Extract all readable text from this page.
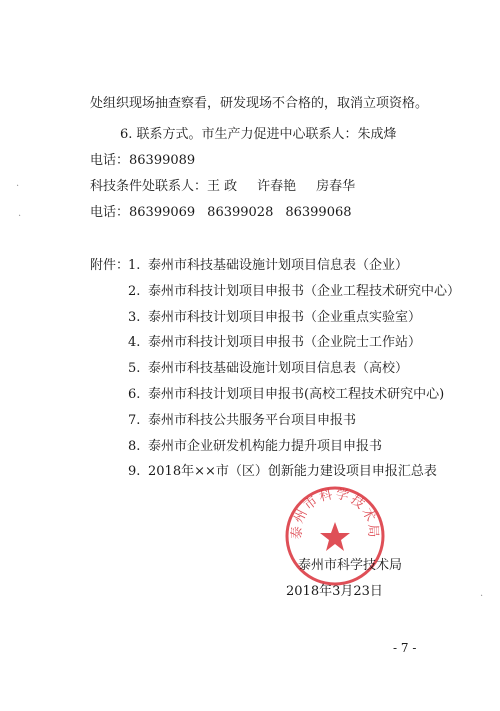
处组织现场抽查察看，研发现场不合格的，取消立项资格。
6. 联系方式。市生产力促进中心联系人：朱成烽
电话：86399089
科技条件处联系人：王 政 许春艳 房春华
电话：86399069 86399028 86399068
附件：
1. 泰州市科技基础设施计划项目信息表（企业）
2. 泰州市科技计划项目申报书（企业工程技术研究中心）
3. 泰州市科技计划项目申报书（企业重点实验室）
4. 泰州市科技计划项目申报书（企业院士工作站）
5. 泰州市科技基础设施计划项目信息表（高校）
6. 泰州市科技计划项目申报书(高校工程技术研究中心)
7. 泰州市科技公共服务平台项目申报书
8. 泰州市企业研发机构能力提升项目申报书
9. 2018年××市（区）创新能力建设项目申报汇总表
泰州市科学技术局
泰州市科学技术局
2018年3月23日
- 7 -
·
·
·
